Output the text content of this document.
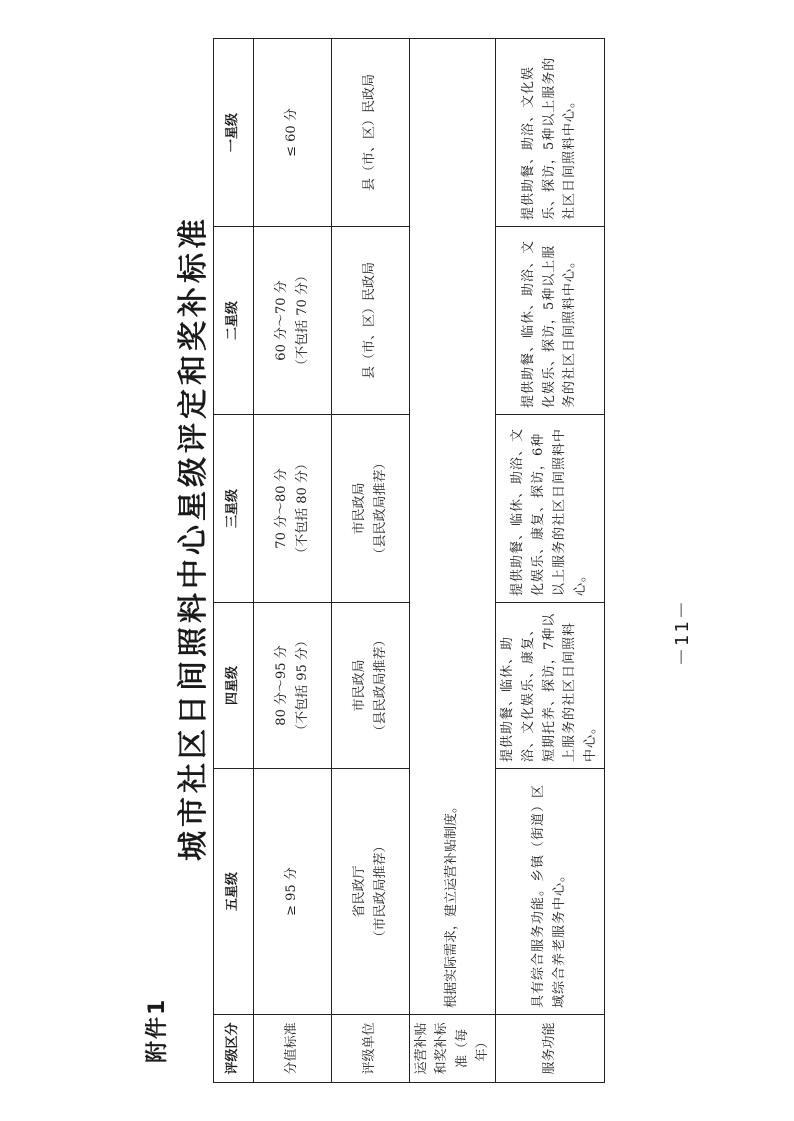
附件1
城市社区日间照料中心星级评定和奖补标准
评级区分	五星级	四星级	三星级	二星级	一星级
分值标准	≥ 95 分	80 分～95 分 （不包括 95 分）	70 分～80 分 （不包括 80 分）	60 分～70 分 （不包括 70 分）	≤ 60 分
评级单位	省民政厅 （市民政局推荐）	市民政局 （县民政局推荐）	市民政局 （县民政局推荐）	县（市、区）民政局	县（市、区）民政局

运营补贴 和奖补标 准（每年）	根据实际需求，建立运营补贴制度。				
服务功能	具有综合服务功能。乡镇（街道）区域综合养老服务中心。	提供助餐、临休、助浴、文化娱乐、康复、短期托养、探访，7种以上服务的社区日间照料中心。	提供助餐、临休、助浴、文化娱乐、康复、探访，6种以上服务的社区日间照料中心。	提供助餐、临休、助浴、文化娱乐、探访，5种以上服务的社区日间照料中心。	提供助餐、助浴、文化娱乐、探访，5种以上服务的社区日间照料中心。
－11－
